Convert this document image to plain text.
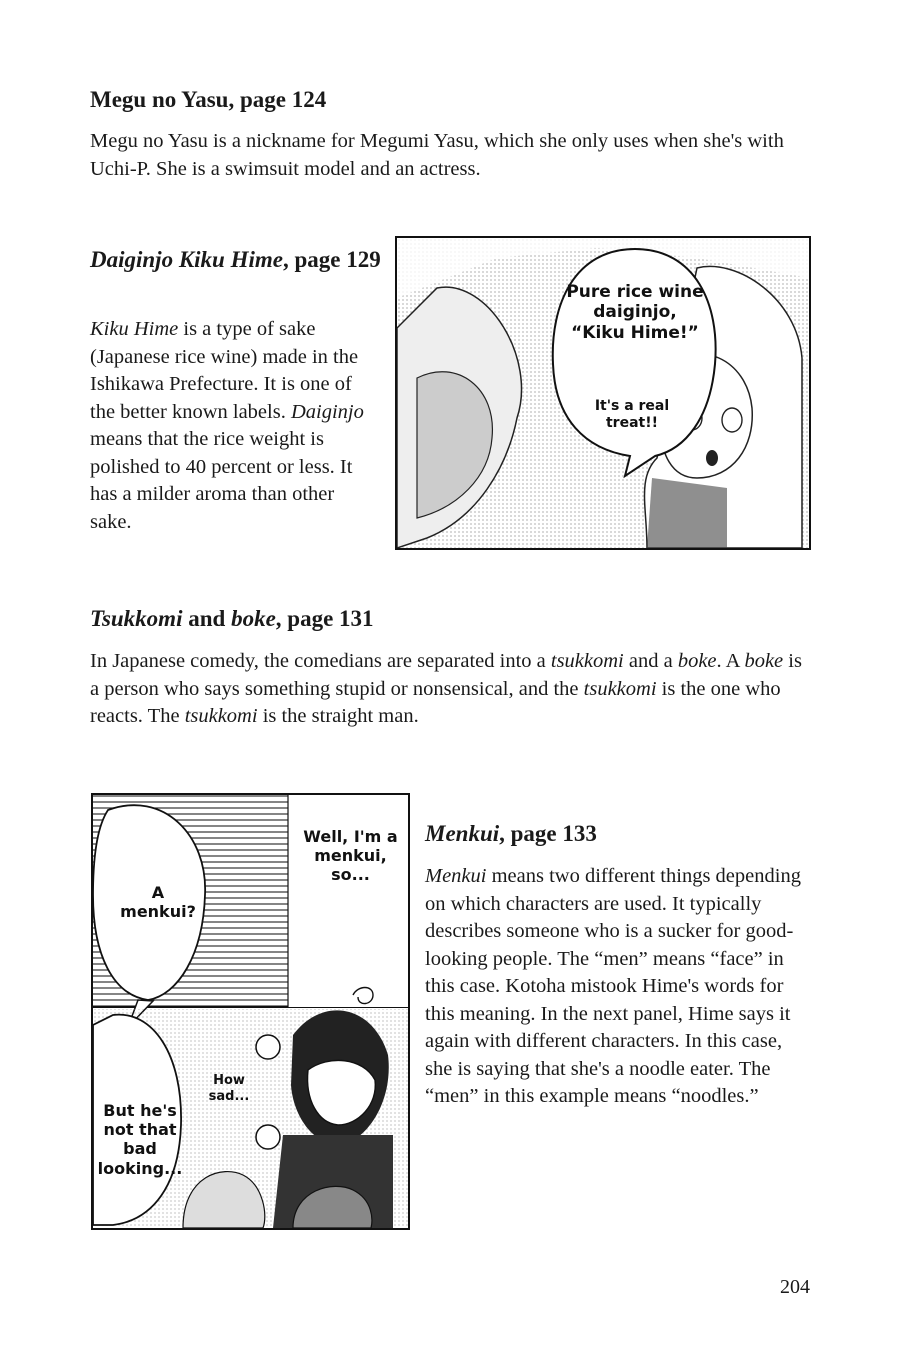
Megu no Yasu, page 124

Megu no Yasu is a nickname for Megumi Yasu, which she only uses when she's with Uchi-P. She is a swimsuit model and an actress.

Daiginjo Kiku Hime, page 129

Kiku Hime is a type of sake (Japanese rice wine) made in the Ishikawa Prefecture. It is one of the better known labels. Daiginjo means that the rice weight is polished to 40 percent or less. It has a milder aroma than other sake.

Pure rice wine daiginjo, “Kiku Hime!”
It's a real treat!!
Tsukkomi and boke, page 131

In Japanese comedy, the comedians are separated into a tsukkomi and a boke. A boke is a person who says something stupid or nonsensical, and the tsukkomi is the one who reacts. The tsukkomi is the straight man.

A menkui?
Well, I'm a menkui, so...
But he's not that bad looking...
How sad...
Menkui, page 133

Menkui means two different things depending on which characters are used. It typically describes someone who is a sucker for good-looking people. The “men” means “face” in this case. Kotoha mistook Hime's words for this meaning. In the next panel, Hime says it again with different characters. In this case, she is saying that she's a noodle eater. The “men” in this example means “noodles.”

204
